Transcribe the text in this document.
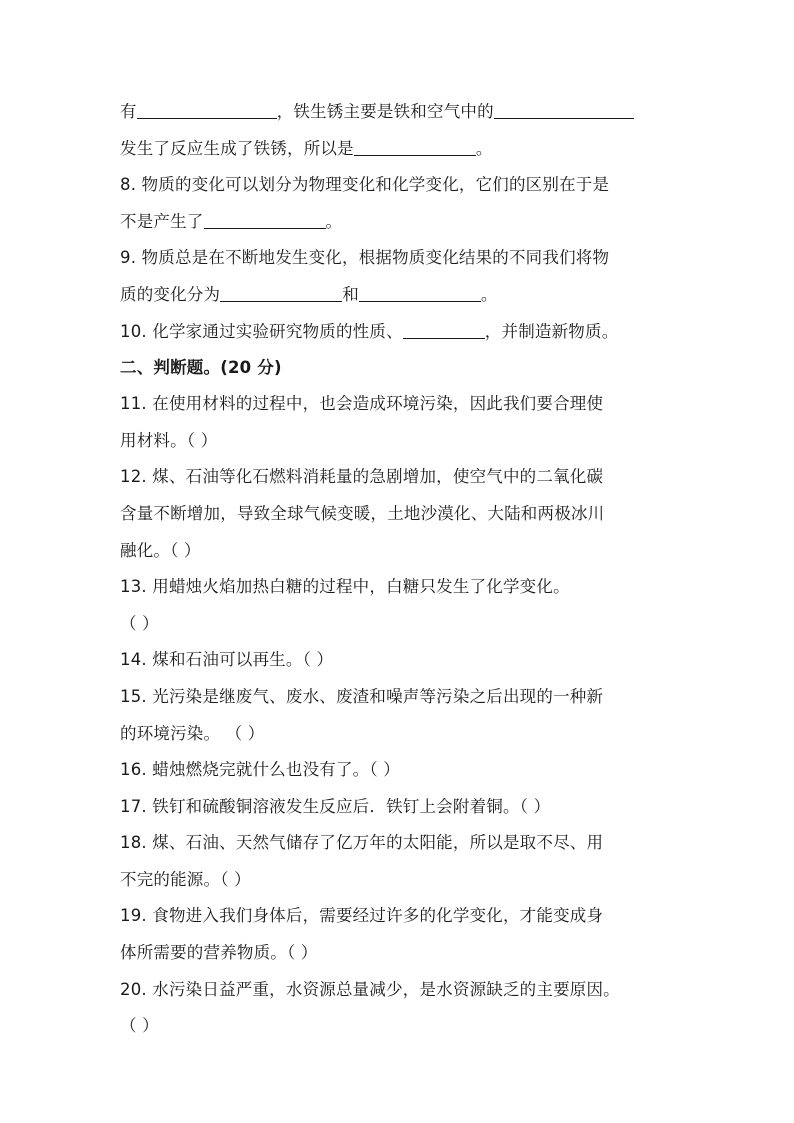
有	，铁生锈主要是铁和空气中的
发生了反应生成了铁锈，所以是	。
8. 物质的变化可以划分为物理变化和化学变化，它们的区别在于是
不是产生了	。
9. 物质总是在不断地发生变化，根据物质变化结果的不同我们将物
质的变化分为	和	。
10. 化学家通过实验研究物质的性质、	，并制造新物质。
二、判断题。(20 分)
11. 在使用材料的过程中，也会造成环境污染，因此我们要合理使
用材料。（ ）
12. 煤、石油等化石燃料消耗量的急剧增加，使空气中的二氧化碳
含量不断增加，导致全球气候变暖，土地沙漠化、大陆和两极冰川
融化。（ ）
13. 用蜡烛火焰加热白糖的过程中，白糖只发生了化学变化。
（ ）
14. 煤和石油可以再生。（ ）
15. 光污染是继废气、废水、废渣和噪声等污染之后出现的一种新
的环境污染。 （ ）
16. 蜡烛燃烧完就什么也没有了。（ ）
17. 铁钉和硫酸铜溶液发生反应后．铁钉上会附着铜。（ ）
18. 煤、石油、天然气储存了亿万年的太阳能，所以是取不尽、用
不完的能源。（ ）
19. 食物进入我们身体后，需要经过许多的化学变化，才能变成身
体所需要的营养物质。（ ）
20. 水污染日益严重，水资源总量减少，是水资源缺乏的主要原因。
（ ）
